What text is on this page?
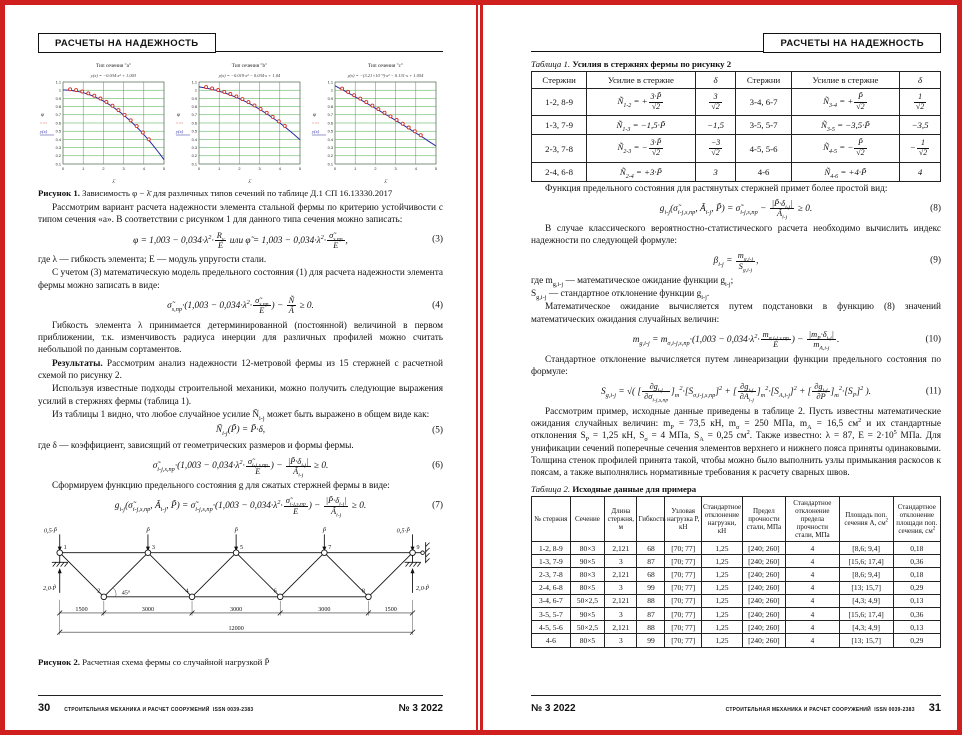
РАСЧЕТЫ НА НАДЕЖНОСТЬ
Тип сечения "а"
y(x) = −0.034·x² + 1.003
0	1	2	3	4	5
1.1
1
0.9
0.8
0.7
0.6
0.5
0.4
0.3
0.2
0.1
φ
○○○
y(x)
λ̄
Тип сечения "b"
y(x) = −0.019·x² − 0.034·x + 1.04
0	1	2	3	4	5
1.1
1
0.9
0.8
0.7
0.6
0.5
0.4
0.3
0.2
0.1
φ
○○○
y(x)
λ̄
Тип сечения "с"
y(x) = −(3.21×10⁻³)·x² − 0.131·x + 1.054
0	1	2	3	4	5
1.1
1
0.9
0.8
0.7
0.6
0.5
0.4
0.3
0.2
0.1
φ
○○○
y(x)
λ̄
Рисунок 1. Зависимость φ − λ̄ для различных типов сечений по таблице Д.1 СП 16.13330.2017

Рассмотрим вариант расчета надежности элемента стальной фермы по критерию устойчивости с типом сечения «а». В соответствии с рисунком 1 для данного типа сечения можно записать:

$\varphi = 1,003 - 0,034\cdot\lambda^2\cdot \frac{R_y}{E}$ или φ̃ = $1,003 - 0,034\cdot\lambda^2\cdot \frac{\sigmã_{s,пр}}{E}$ ,	(3)

где λ — гибкость элемента; E — модуль упругости стали.

С учетом (3) математическую модель предельного состояния (1) для расчета надежности элемента фермы можно записать в виде:

$\sigmã_{s,пр}\cdot(1,003 - 0,034\cdot\lambda^2\cdot \frac{\sigmã_{s,пр}}{E}$ ) − $\frac{Ñ}{Ã} \ge 0$.	(4)

Гибкость элемента λ принимается детерминированной (постоянной) величиной в первом приближении, т.к. изменчивость радиуса инерции для различных профилей можно считать небольшой по данным сортаментов.

Результаты. Рассмотрим анализ надежности 12-метровой фермы из 15 стержней с расчетной схемой по рисунку 2.

Используя известные подходы строительной механики, можно получить следующие выражения усилий в стержнях фермы (таблица 1).

Из таблицы 1 видно, что любое случайное усилие $Ñ_{i-j}$ может быть выражено в общем виде как:

$Ñ_{i-j}(P̃)$ = P̃·δ,	(5)

где δ — коэффициент, зависящий от геометрических размеров и формы фермы.

$\sigmã_{i-j,s,пр}\cdot(1,003 - 0,034\cdot\lambda^2\cdot \frac{\sigmã_{i-j,s,пр}}{E}$ ) − $\frac{|P̃\cdot\delta_{i-j}|}{Ã_{i-j}} \ge 0$.	(6)

Сформируем функцию предельного состояния g для сжатых стержней фермы в виде:

$g_{i-j}(\sigmã_{i-j,s,пр}$, $Ã_{i-j}$, P̃) = $\sigmã_{i-j,s,пр}\cdot(1,003 - 0,034\cdot\lambda^2\cdot \frac{\sigmã_{i-j,s,пр}}{E}$ ) − $\frac{|P̃\cdot\delta_{i-j}|}{Ã_{i-j}} \ge 0$.	(7)
0,5·P̃	P̃	P̃	P̃	0,5·P̃
2,0·P̃	2,0·P̃
1
2
3
4
5
6
7
8
9
1500	3000	3000	3000	1500
12000
45°
Рисунок 2. Расчетная схема фермы со случайной нагрузкой P̃
30	СТРОИТЕЛЬНАЯ МЕХАНИКА И РАСЧЕТ СООРУЖЕНИЙ ISSN 0039-2383	№ 3 2022
РАСЧЕТЫ НА НАДЕЖНОСТЬ
Таблица 1. Усилия в стержнях фермы по рисунку 2
Стержни	Усилие в стержне	δ	Стержни	Усилие в стержне	δ
1-2, 8-9	$Ñ_{1-2}$ = + $\frac{3\cdot P̃}{√2}$	$\frac{3}{√2}$	3-4, 6-7	$Ñ_{3-4}$ = + $\frac{P̃}{√2}$	$\frac{1}{√2}$

1-3, 7-9	$Ñ_{1-3}$ = −1,5·P̃	−1,5	3-5, 5-7	$Ñ_{3-5}$ = −3,5·P̃	−3,5
2-3, 7-8	$Ñ_{2-3}$ = − $\frac{3\cdot P̃}{√2}$	$\frac{-3}{√2}$	4-5, 5-6	$Ñ_{4-5}$ = − $\frac{P̃}{√2}$	− $\frac{1}{√2}$

2-4, 6-8	$Ñ_{2-4}$ = +3·P̃	3	4-6	$Ñ_{4-6}$ = +4·P̃	4

Функция предельного состояния для растянутых стержней примет более простой вид:

$g_{i-j}(\sigmã_{i-j,s,пр}$, $Ã_{i-j}$, P̃) = $\sigmã_{i-j,s,пр} - \frac{|P̃\cdot\delta_{i-j}|}{Ã_{i-j}} \ge 0$.	(8)

В случае классического вероятностно-статистического расчета необходимо вычислить индекс надежности по следующей формуле:

$\beta_{i-j} = \frac{m_{g,i-j}}{S_{g,i-j}}$ ,	(9)

где $m_{g,i-j}$ — математическое ожидание функции $g_{i-j}$;

$S_{g,i-j}$ — стандартное отклонение функции $g_{i-j}$.

Математическое ожидание вычисляется путем подстановки в функцию (8) значений математических ожидания случайных величин:

$m_{g,i-j} = m_{\sigma,i-j,s,пр}\cdot(1,003 - 0,034\cdot\lambda^2\cdot \frac{m_{\sigma,i-j,s,пр}}{E}$ ) − $\frac{|m_P\cdot\delta_{i-j}|}{m_{A,i-j}}$ .	(10)

Стандартное отклонение вычисляется путем линеаризации функции предельного состояния по формуле:

$S_{g,i-j}$ = √( [ $\frac{\partial g_{i-j}}{\partial\sigma_{i-j,s,пр}} ]_m^2\cdot[S_{\sigma,i-j,s,пр}]^2$ + [ $\frac{\partial g_{i-j}}{\partial A_{i-j}} ]_m^2\cdot[S_{A,i-j}]^2$ + [ $\frac{\partial g_{i-j}}{\partial P} ]_m^2\cdot[S_P]^2$ ).	(11)

Рассмотрим пример, исходные данные приведены в таблице 2. Пусть известны математические ожидания случайных величин: $m_P = 73,5$ кН, $m_\sigma = 250$ МПа, $m_A = 16,5$ $см^2$ и их стандартные отклонения $S_P = 1,25$ кН, $S_\sigma = 4$ МПа, $S_A = 0,25$ $см^2$. Также известно: λ = 87, $E = 2\cdot 10^5$ МПа. Для унификации сечений поперечные сечения элементов верхнего и нижнего пояса приняты одинаковыми. Толщина стенок профилей принята такой, чтобы можно было выполнить узлы примыкания раскосов к поясам, а также выполнялись нормативные требования к расчету сварных швов.

Таблица 2. Исходные данные для примера
№ стержня	Сечение	Длина стержня, м	Гибкость	Узловая нагрузка P, кН	Стандартное отклонение нагрузки, кН	Предел прочности стали, МПа	Стандартное отклонение предела прочности стали, МПа	Площадь поп. сечения A, $см^2$	Стандартное отклонение площади поп. сечения, $см^2$
1-2, 8-9	80×3	2,121	68	[70; 77]	1,25	[240; 260]	4	[8,6; 9,4]	0,18
1-3, 7-9	90×5	3	87	[70; 77]	1,25	[240; 260]	4	[15,6; 17,4]	0,36
2-3, 7-8	80×3	2,121	68	[70; 77]	1,25	[240; 260]	4	[8,6; 9,4]	0,18
2-4, 6-8	80×5	3	99	[70; 77]	1,25	[240; 260]	4	[13; 15,7]	0,29
3-4, 6-7	50×2,5	2,121	88	[70; 77]	1,25	[240; 260]	4	[4,3; 4,9]	0,13
3-5, 5-7	90×5	3	87	[70; 77]	1,25	[240; 260]	4	[15,6; 17,4]	0,36
4-5, 5-6	50×2,5	2,121	88	[70; 77]	1,25	[240; 260]	4	[4,3; 4,9]	0,13
4-6	80×5	3	99	[70; 77]	1,25	[240; 260]	4	[13; 15,7]	0,29
№ 3 2022	СТРОИТЕЛЬНАЯ МЕХАНИКА И РАСЧЕТ СООРУЖЕНИЙ ISSN 0039-2383 31
